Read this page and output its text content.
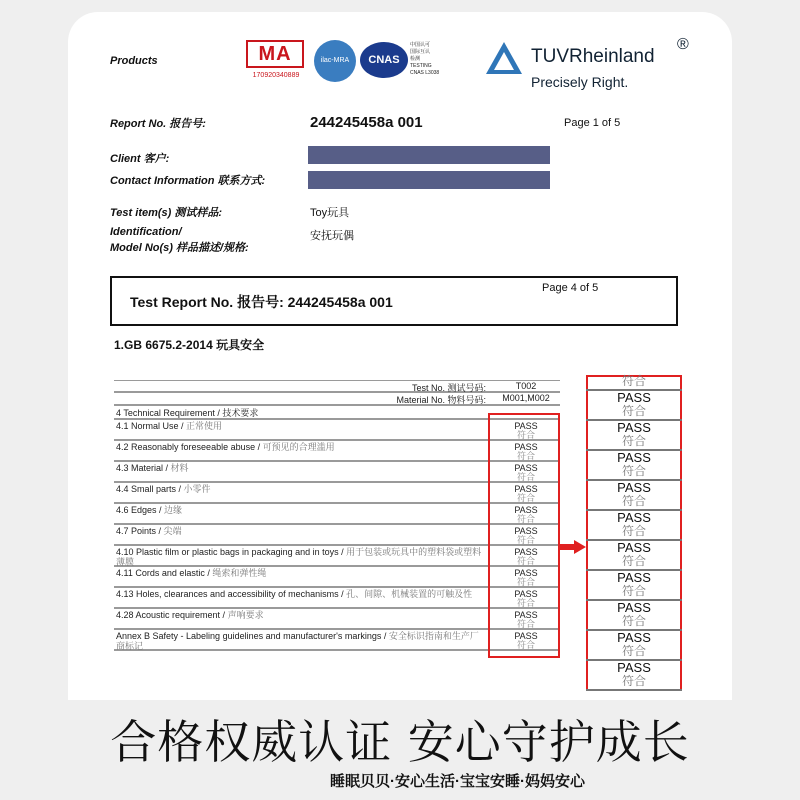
Products	MA
170920340889
ilac-MRA	CNAS
中国认可
国际互认
检测
TESTING
CNAS L3038
TUVRheinland
®
Precisely Right.
Report No. 报告号:	244245458a 001	Page 1 of 5
Client 客户:
Contact Information 联系方式:
Test item(s) 测试样品:	Toy玩具
Identification/
Model No(s) 样品描述/规格:
安抚玩偶
Test Report No. 报告号: 244245458a 001
Page 4 of 5
1.GB 6675.2-2014 玩具安全
Test No. 测试号码:	T002
Material No. 物料号码:	M001,M002
4 Technical Requirement / 技术要求
4.1 Normal Use / 正常使用	PASS
符合
4.2 Reasonably foreseeable abuse / 可预见的合理滥用	PASS
符合
4.3 Material / 材料	PASS
符合
4.4 Small parts / 小零件	PASS
符合
4.6 Edges / 边缘	PASS
符合
4.7 Points / 尖端	PASS
符合
4.10 Plastic film or plastic bags in packaging and in toys / 用于包装或玩具中的塑料袋或塑料薄膜
PASS
符合
4.11 Cords and elastic / 绳索和弹性绳	PASS
符合
4.13 Holes, clearances and accessibility of mechanisms / 孔、间隙、机械装置的可触及性	PASS
符合
4.28 Acoustic requirement / 声响要求	PASS
符合
Annex B Safety - Labeling guidelines and manufacturer's markings / 安全标识指南和生产厂商标记
PASS
符合
符合
PASS
符合
PASS
符合
PASS
符合
PASS
符合
PASS
符合
PASS
符合
PASS
符合
PASS
符合
PASS
符合
PASS
符合
合格权威认证 安心守护成长
睡眠贝贝·安心生活·宝宝安睡·妈妈安心
